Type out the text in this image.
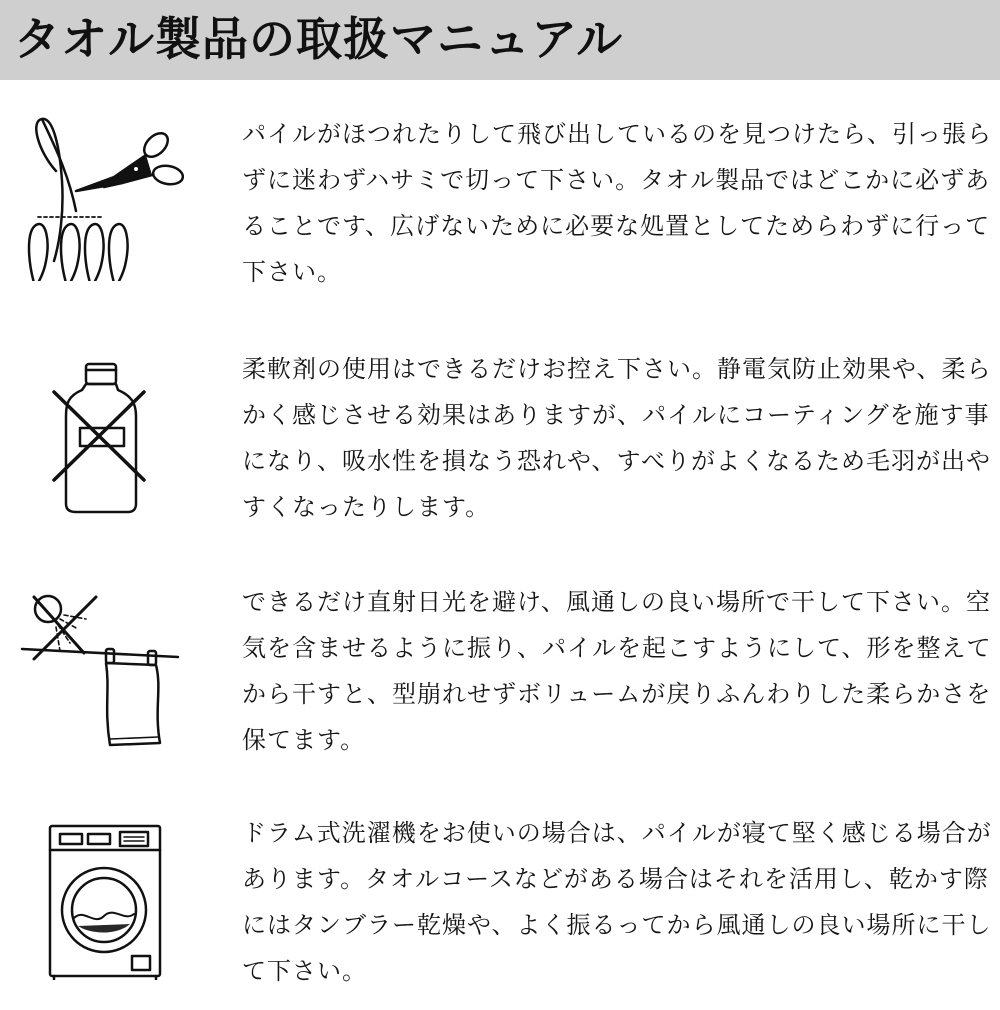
タオル製品の取扱マニュアル
パイルがほつれたりして飛び出しているのを見つけたら、引っ張らずに迷わずハサミで切って下さい。タオル製品ではどこかに必ずあることです、広げないために必要な処置としてためらわずに行って下さい。
柔軟剤の使用はできるだけお控え下さい。静電気防止効果や、柔らかく感じさせる効果はありますが、パイルにコーティングを施す事になり、吸水性を損なう恐れや、すべりがよくなるため毛羽が出やすくなったりします。
できるだけ直射日光を避け、風通しの良い場所で干して下さい。空気を含ませるように振り、パイルを起こすようにして、形を整えてから干すと、型崩れせずボリュームが戻りふんわりした柔らかさを保てます。
ドラム式洗濯機をお使いの場合は、パイルが寝て堅く感じる場合があります。タオルコースなどがある場合はそれを活用し、乾かす際にはタンブラー乾燥や、よく振るってから風通しの良い場所に干して下さい。
